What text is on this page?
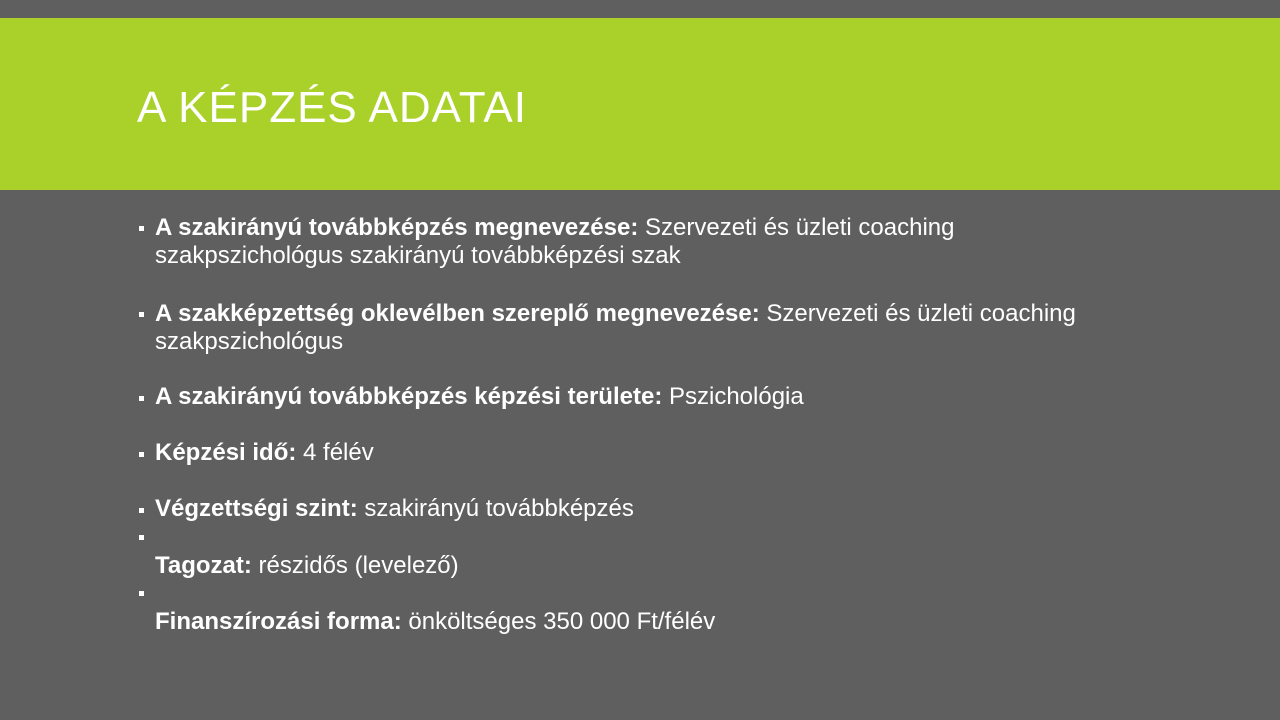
A KÉPZÉS ADATAI
A szakirányú továbbképzés megnevezése: Szervezeti és üzleti coaching szakpszichológus szakirányú továbbképzési szak
A szakképzettség oklevélben szereplő megnevezése: Szervezeti és üzleti coaching szakpszichológus
A szakirányú továbbképzés képzési területe: Pszichológia
Képzési idő: 4 félév
Végzettségi szint: szakirányú továbbképzés
Tagozat: részidős (levelező)
Finanszírozási forma: önköltséges 350 000 Ft/félév
